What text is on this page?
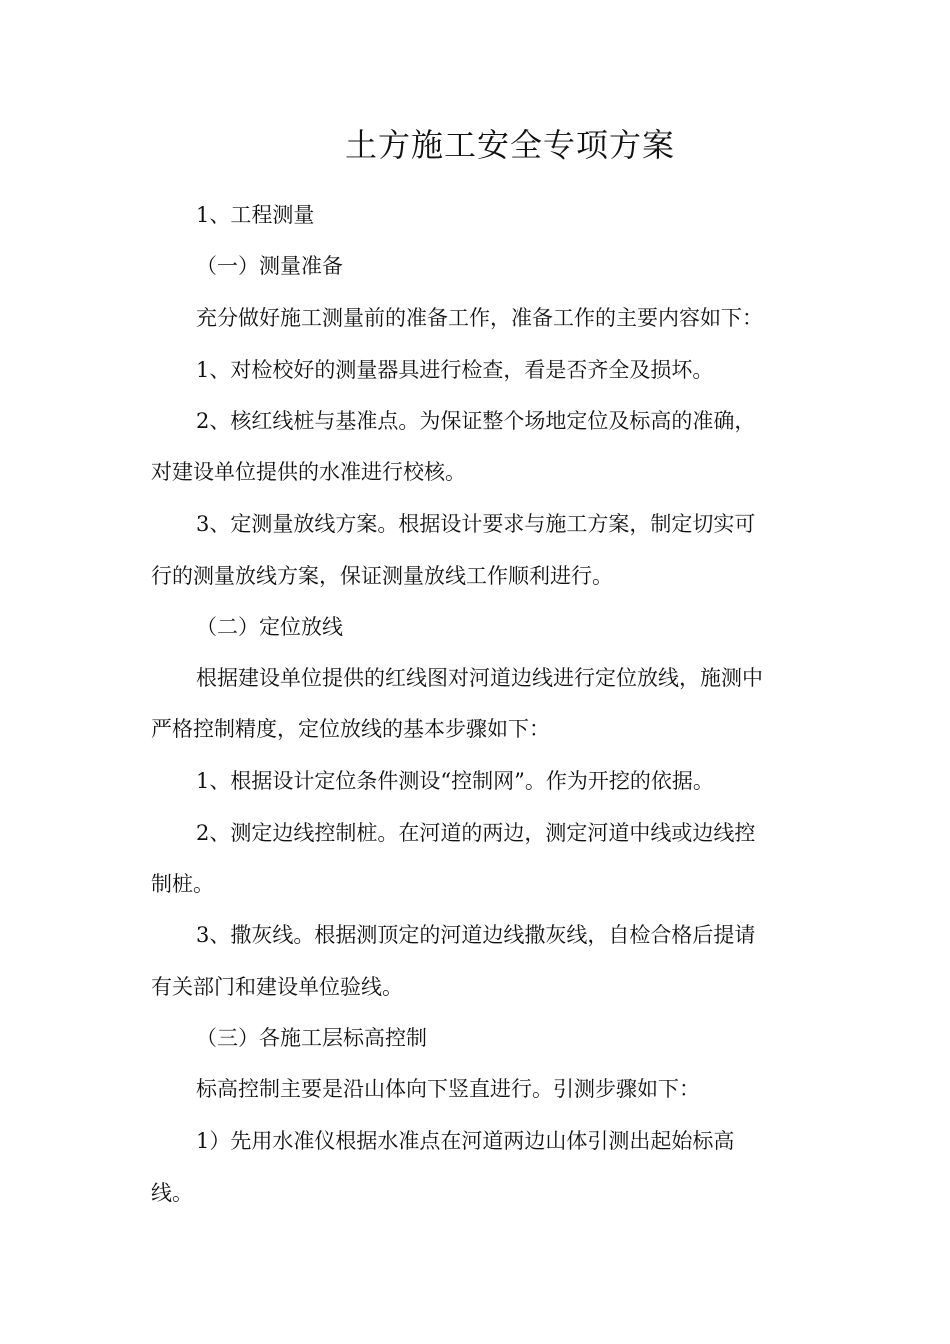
土方施工安全专项方案
1、工程测量
（一）测量准备
充分做好施工测量前的准备工作，准备工作的主要内容如下：
1、对检校好的测量器具进行检查，看是否齐全及损坏。
2、核红线桩与基准点。为保证整个场地定位及标高的准确，
对建设单位提供的水准进行校核。
3、定测量放线方案。根据设计要求与施工方案，制定切实可
行的测量放线方案，保证测量放线工作顺利进行。
（二）定位放线
根据建设单位提供的红线图对河道边线进行定位放线，施测中
严格控制精度，定位放线的基本步骤如下：
1、根据设计定位条件测设“控制网”。作为开挖的依据。
2、测定边线控制桩。在河道的两边，测定河道中线或边线控
制桩。
3、撒灰线。根据测顶定的河道边线撒灰线，自检合格后提请
有关部门和建设单位验线。
（三）各施工层标高控制
标高控制主要是沿山体向下竖直进行。引测步骤如下：
1）先用水准仪根据水准点在河道两边山体引测出起始标高
线。
